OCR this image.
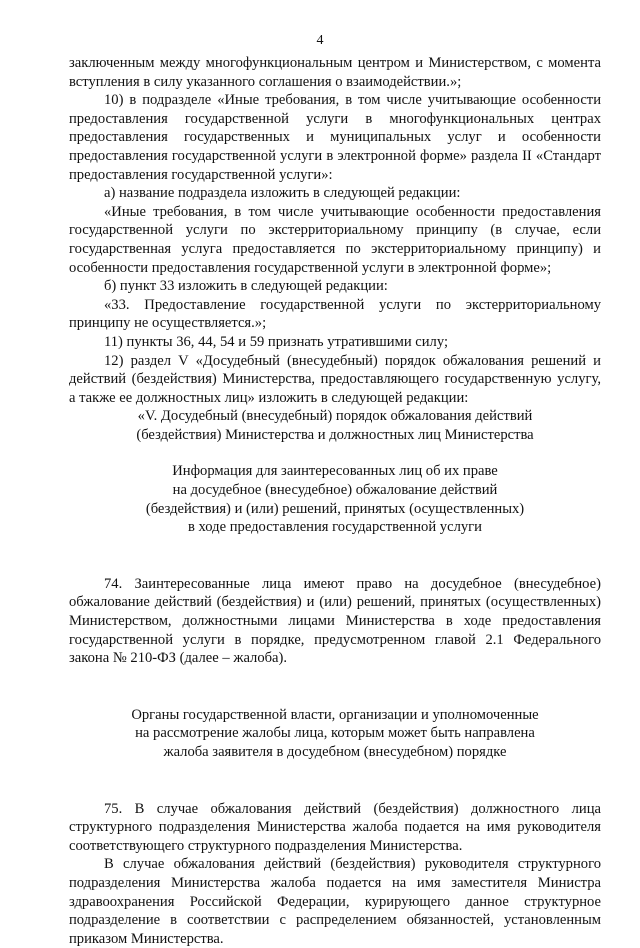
4

заключенным между многофункциональным центром и Министерством, с момента вступления в силу указанного соглашения о взаимодействии.»;

10) в подразделе «Иные требования, в том числе учитывающие особенности предоставления государственной услуги в многофункциональных центрах предоставления государственных и муниципальных услуг и особенности предоставления государственной услуги в электронной форме» раздела II «Стандарт предоставления государственной услуги»:

а) название подраздела изложить в следующей редакции:

«Иные требования, в том числе учитывающие особенности предоставления государственной услуги по экстерриториальному принципу (в случае, если государственная услуга предоставляется по экстерриториальному принципу) и особенности предоставления государственной услуги в электронной форме»;

б) пункт 33 изложить в следующей редакции:

«33. Предоставление государственной услуги по экстерриториальному принципу не осуществляется.»;

11) пункты 36, 44, 54 и 59 признать утратившими силу;

12) раздел V «Досудебный (внесудебный) порядок обжалования решений и действий (бездействия) Министерства, предоставляющего государственную услугу, а также ее должностных лиц» изложить в следующей редакции:

«V. Досудебный (внесудебный) порядок обжалования действий

(бездействия) Министерства и должностных лиц Министерства

Информация для заинтересованных лиц об их праве

на досудебное (внесудебное) обжалование действий

(бездействия) и (или) решений, принятых (осуществленных)

в ходе предоставления государственной услуги

74. Заинтересованные лица имеют право на досудебное (внесудебное) обжалование действий (бездействия) и (или) решений, принятых (осуществленных) Министерством, должностными лицами Министерства в ходе предоставления государственной услуги в порядке, предусмотренном главой 2.1 Федерального закона № 210-ФЗ (далее – жалоба).

Органы государственной власти, организации и уполномоченные

на рассмотрение жалобы лица, которым может быть направлена

жалоба заявителя в досудебном (внесудебном) порядке

75. В случае обжалования действий (бездействия) должностного лица структурного подразделения Министерства жалоба подается на имя руководителя соответствующего структурного подразделения Министерства.

В случае обжалования действий (бездействия) руководителя структурного подразделения Министерства жалоба подается на имя заместителя Министра здравоохранения Российской Федерации, курирующего данное структурное подразделение в соответствии с распределением обязанностей, установленным приказом Министерства.
